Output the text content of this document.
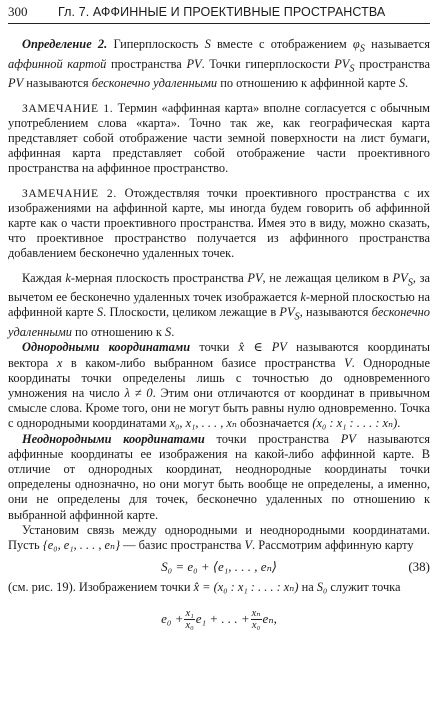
300	Гл. 7. АФФИННЫЕ И ПРОЕКТИВНЫЕ ПРОСТРАНСТВА

Определение 2. Гиперплоскость S вместе с отображением $\varphi_S$ называется аффинной картой пространства PV. Точки гиперплоскости $PV_S$ пространства PV называются бесконечно удаленными по отношению к аффинной карте S.

ЗАМЕЧАНИЕ 1. Термин «аффинная карта» вполне согласуется с обычным употреблением слова «карта». Точно так же, как географическая карта представляет собой отображение части земной поверхности на лист бумаги, аффинная карта представляет собой отображение части проективного пространства на аффинное пространство.

ЗАМЕЧАНИЕ 2. Отождествляя точки проективного пространства с их изображениями на аффинной карте, мы иногда будем говорить об аффинной карте как о части проективного пространства. Имея это в виду, можно сказать, что проективное пространство получается из аффинного пространства добавлением бесконечно удаленных точек.

Каждая k-мерная плоскость пространства PV, не лежащая целиком в $PV_S$, за вычетом ее бесконечно удаленных точек изображается k-мерной плоскостью на аффинной карте S. Плоскости, целиком лежащие в $PV_S$, называются бесконечно удаленными по отношению к S.

Однородными координатами точки x̂ ∈ PV называются координаты вектора x в каком-либо выбранном базисе пространства V. Однородные координаты точки определены лишь с точностью до одновременного умножения на число λ ≠ 0. Этим они отличаются от координат в привычном смысле слова. Кроме того, они не могут быть равны нулю одновременно. Точка с однородными координатами x₀, x₁, . . . , xₙ обозначается (x₀ : x₁ : . . . : xₙ).

Неоднородными координатами точки пространства PV называются аффинные координаты ее изображения на какой-либо аффинной карте. В отличие от однородных координат, неоднородные координаты точки определены однозначно, но они могут быть вообще не определены, а именно, они не определены для точек, бесконечно удаленных по отношению к выбранной аффинной карте.

Установим связь между однородными и неоднородными координатами. Пусть {e₀, e₁, . . . , eₙ} — базис пространства V. Рассмотрим аффинную карту

S₀ = e₀ + ⟨e₁, . . . , eₙ⟩	(38)

(см. рис. 19). Изображением точки x̂ = (x₀ : x₁ : . . . : xₙ) на S₀ служит точка

$e_0 + \frac{\text{x₁}}{\text{x₀}} e_1$ + . . . + $\frac{\text{xₙ}}{\text{x₀}} e_n$,
